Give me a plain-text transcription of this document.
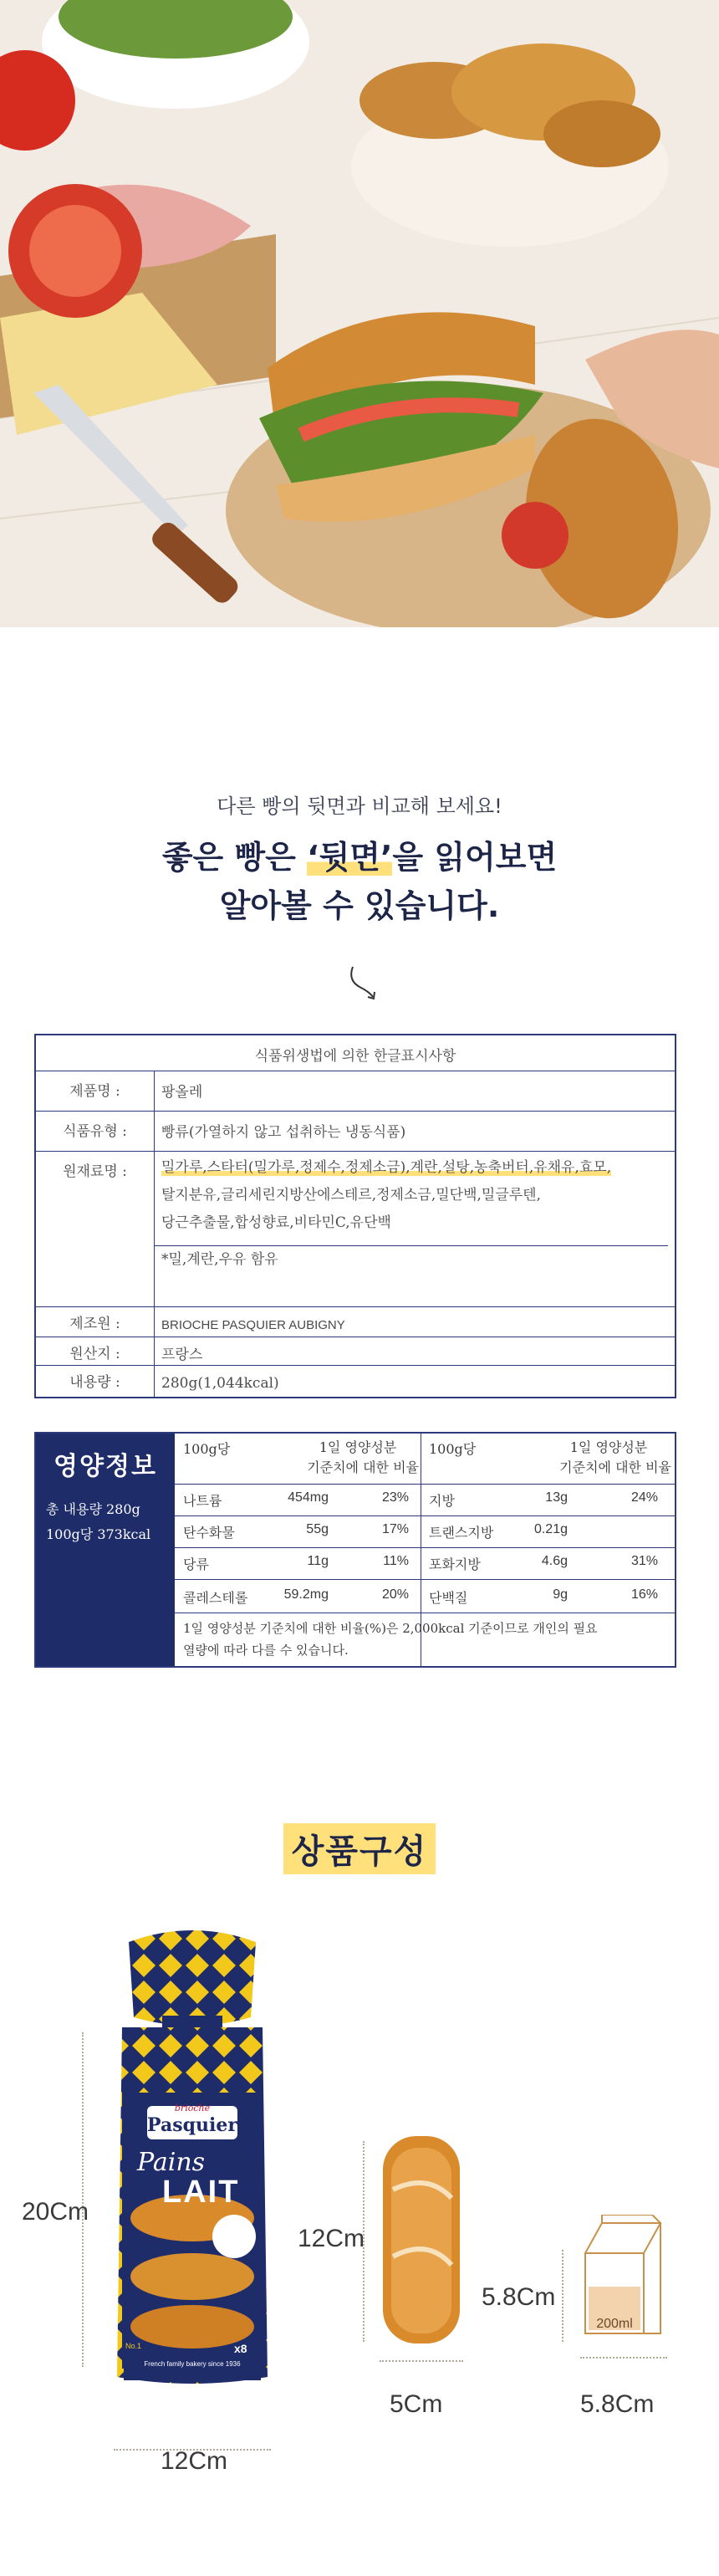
다른 빵의 뒷면과 비교해 보세요!
좋은 빵은 ‘뒷면’을 읽어보면
알아볼 수 있습니다.
식품위생법에 의한 한글표시사항
제품명 :	팡올레
식품유형 :	빵류(가열하지 않고 섭취하는 냉동식품)
원재료명 :	밀가루,스타터(밀가루,정제수,정제소금),계란,설탕,농축버터,유채유,효모,
탈지분유,글리세린지방산에스테르,정제소금,밀단백,밀글루텐,
당근추출물,합성향료,비타민C,유단백
*밀,계란,우유 함유
제조원 :	BRIOCHE PASQUIER AUBIGNY
원산지 :	프랑스
내용량 :	280g(1,044kcal)
영양정보
총 내용량 280g
100g당 373kcal
100g당	1일 영양성분
기준치에 대한 비율
나트륨	454mg	23%
탄수화물	55g	17%
당류	11g	11%
콜레스테롤	59.2mg	20%
100g당	1일 영양성분
기준치에 대한 비율
지방	13g	24%
트랜스지방	0.21g
포화지방	4.6g	31%
단백질	9g	16%
1일 영양성분 기준치에 대한 비율(%)은 2,000kcal 기준이므로 개인의 필요
열량에 따라 다를 수 있습니다.
상품구성
brioche
Pasquier
Pains
LAIT
x8
French family bakery since 1936
No.1
20Cm
12Cm
12Cm
5Cm
200ml
5.8Cm
5.8Cm
